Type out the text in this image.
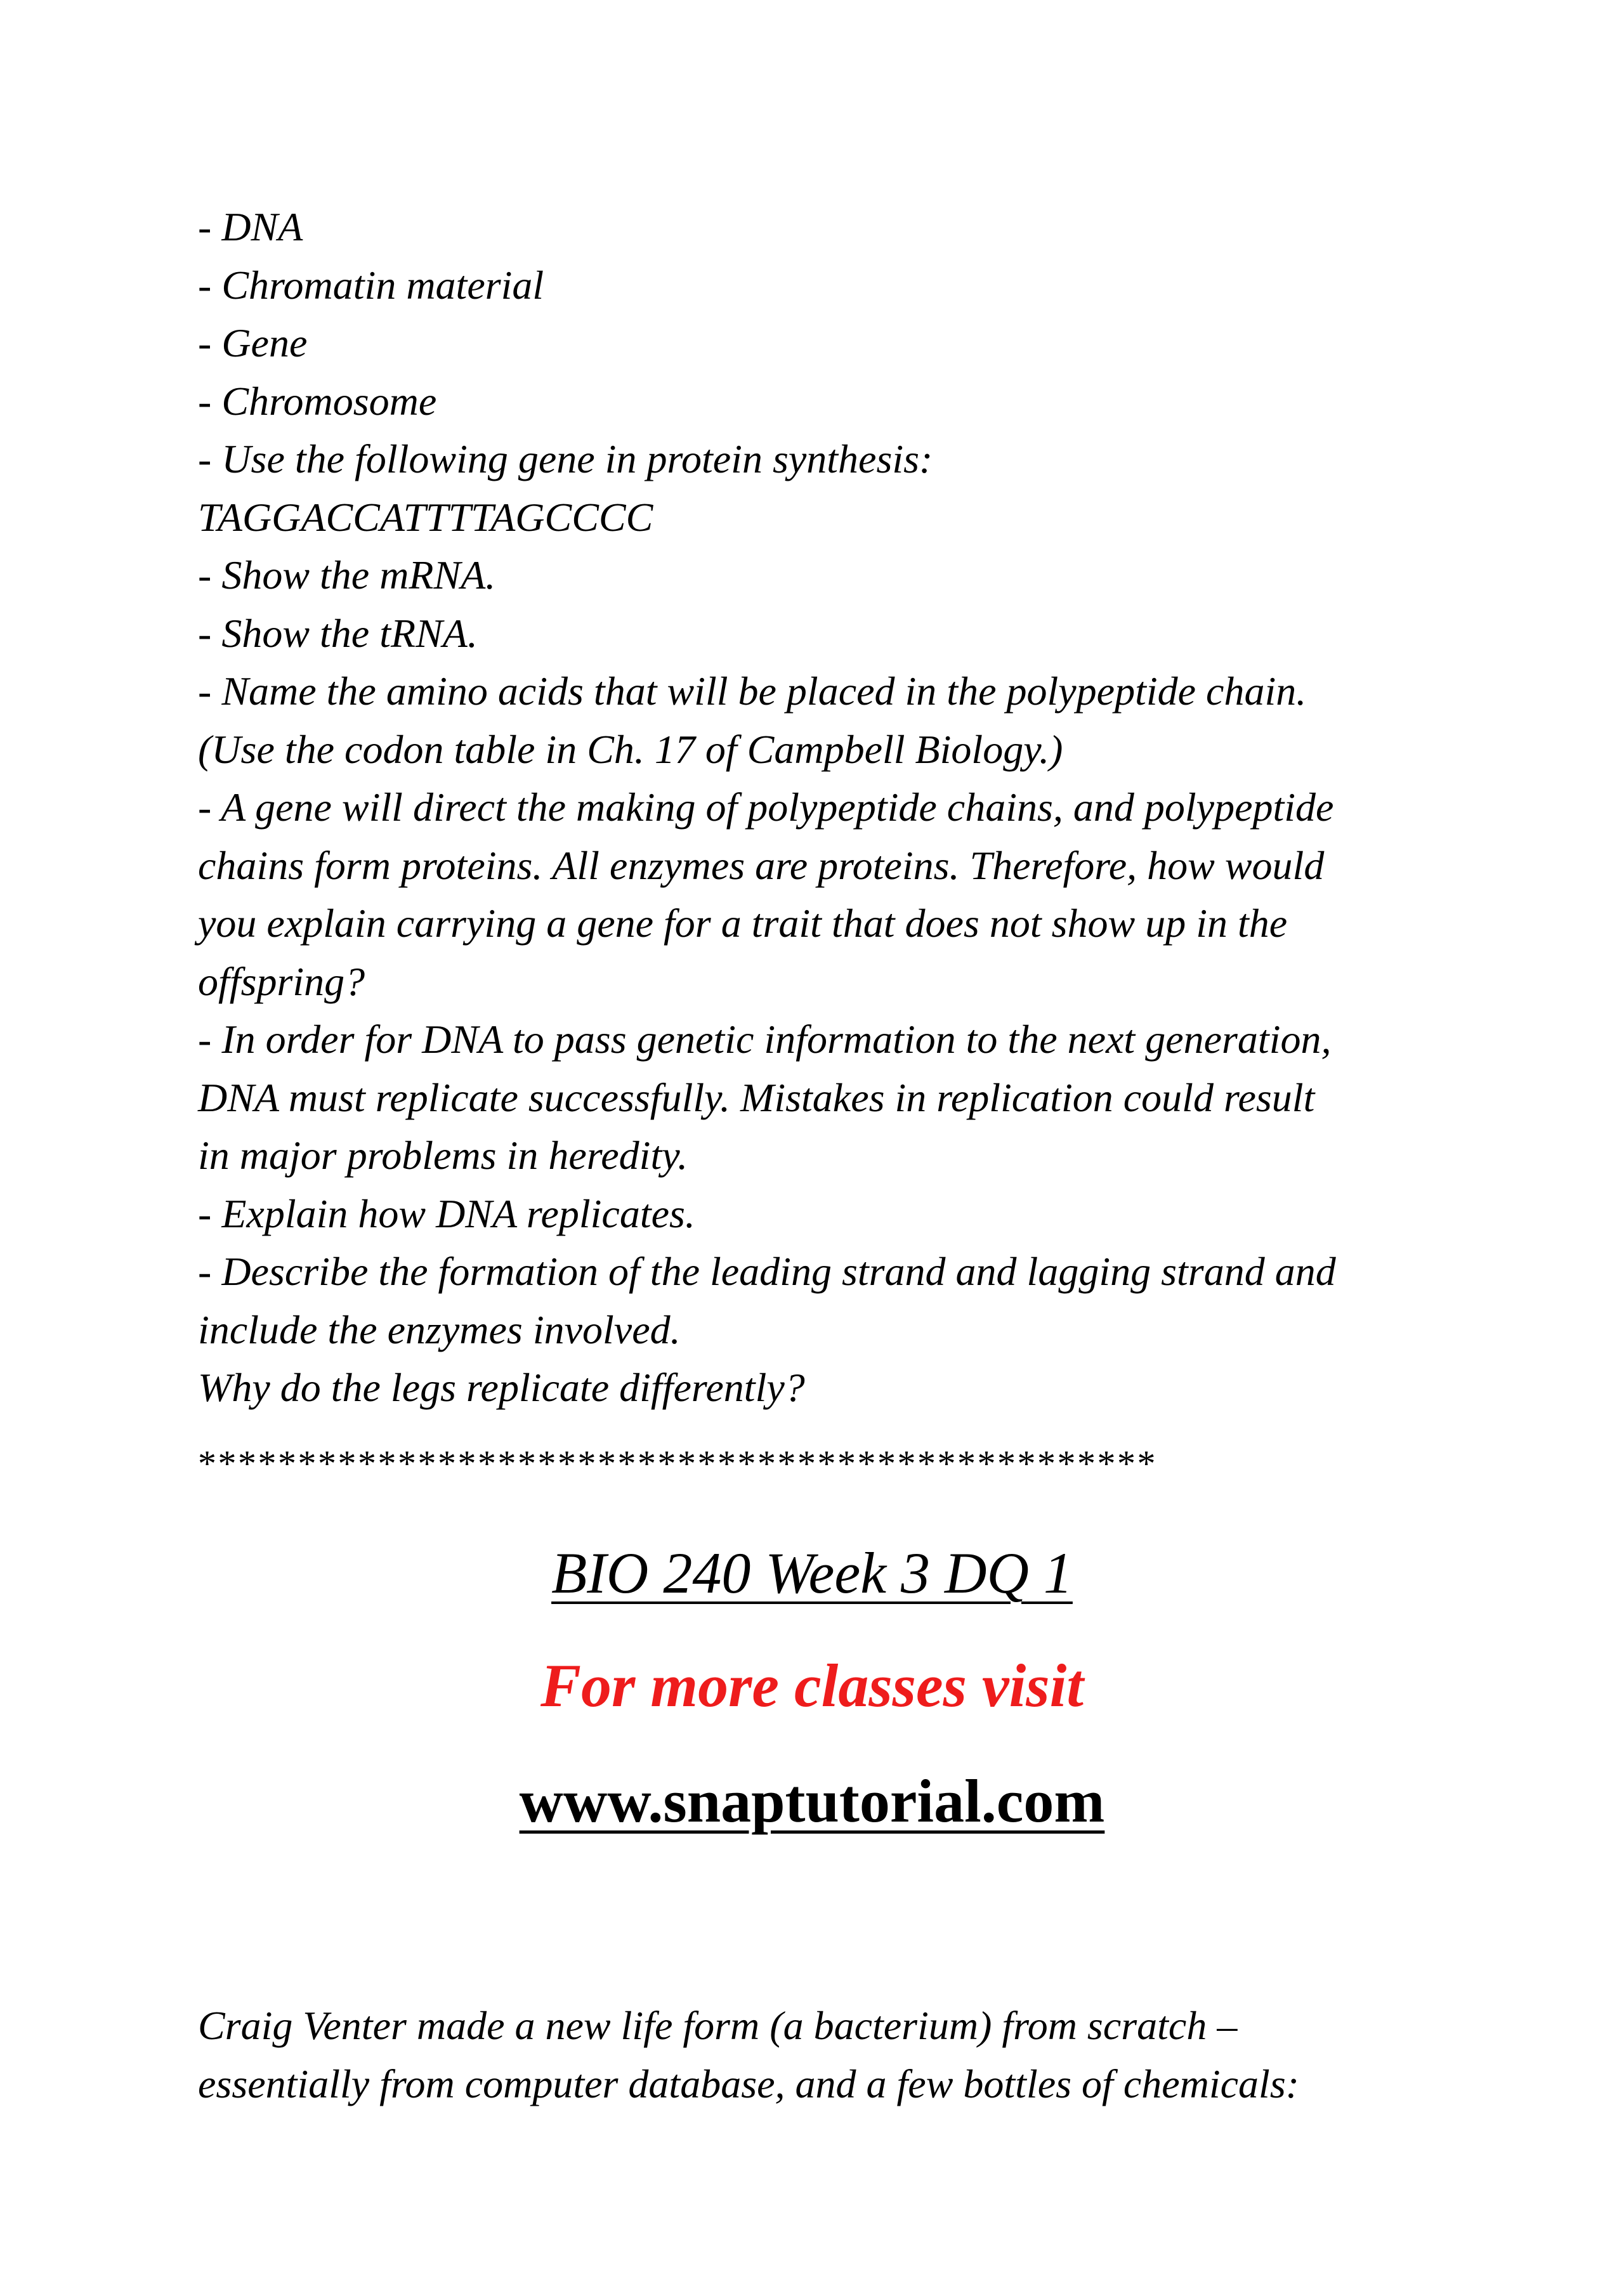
- DNA
- Chromatin material
- Gene
- Chromosome
- Use the following gene in protein synthesis:
TAGGACCATTTTAGCCCC
- Show the mRNA.
- Show the tRNA.
- Name the amino acids that will be placed in the polypeptide chain.
(Use the codon table in Ch. 17 of Campbell Biology.)
- A gene will direct the making of polypeptide chains, and polypeptide
chains form proteins. All enzymes are proteins. Therefore, how would
you explain carrying a gene for a trait that does not show up in the
offspring?
- In order for DNA to pass genetic information to the next generation,
DNA must replicate successfully. Mistakes in replication could result
in major problems in heredity.
- Explain how DNA replicates.
- Describe the formation of the leading strand and lagging strand and
include the enzymes involved.
Why do the legs replicate differently?
************************************************
BIO 240 Week 3 DQ 1
For more classes visit
www.snaptutorial.com
Craig Venter made a new life form (a bacterium) from scratch –
essentially from computer database, and a few bottles of chemicals:
